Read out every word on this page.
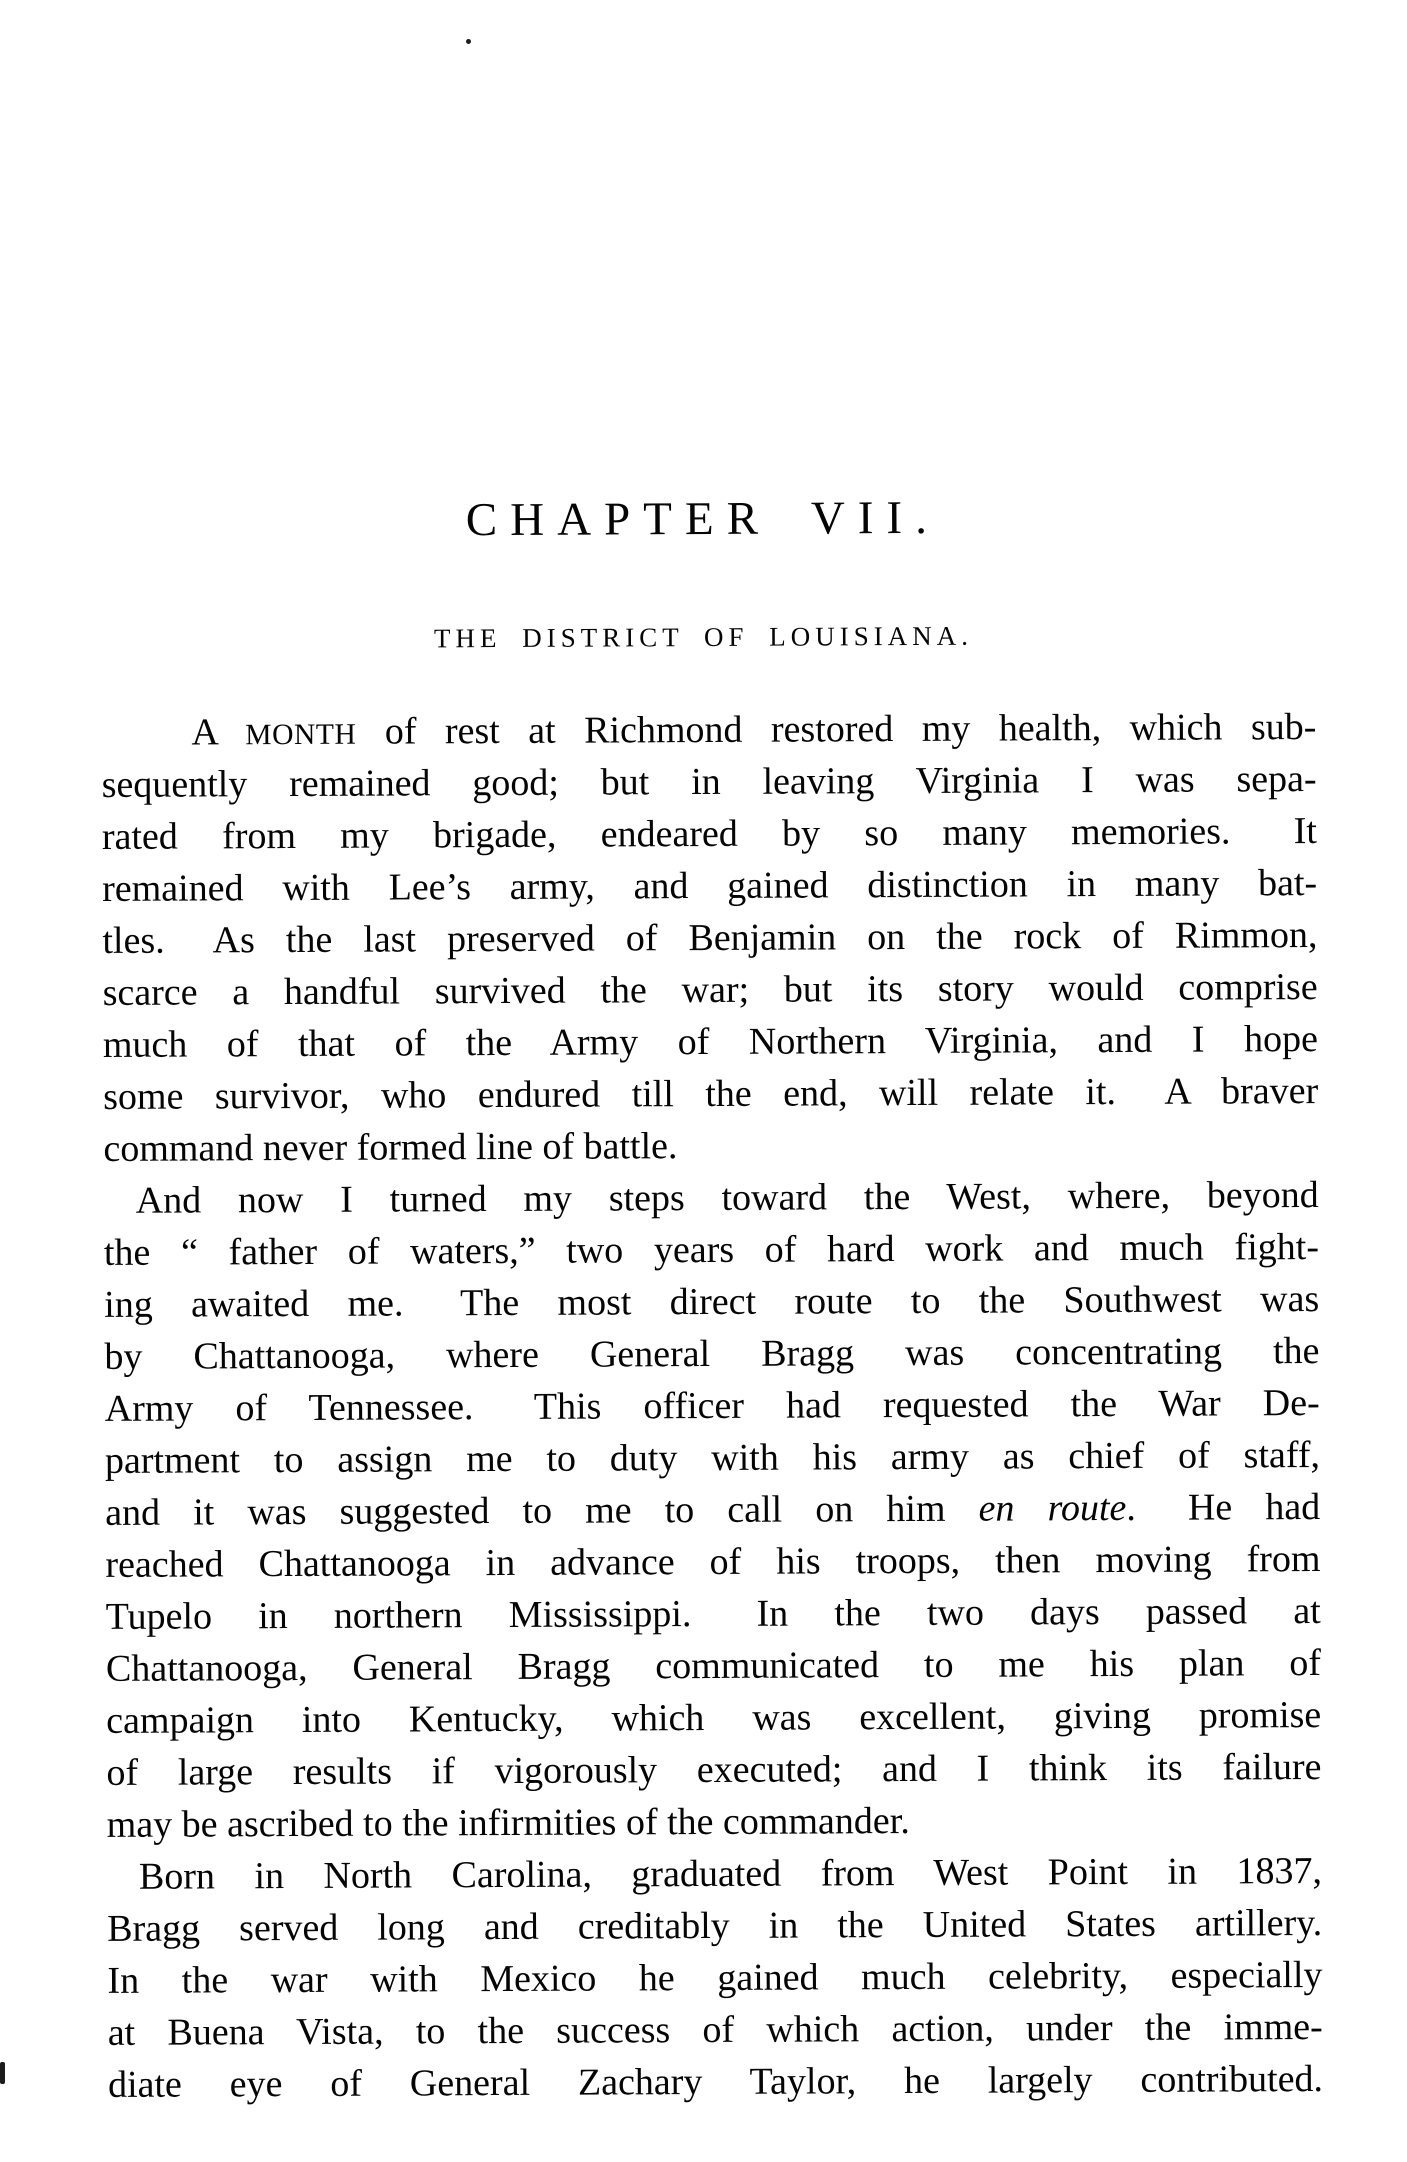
CHAPTER VII.
THE DISTRICT OF LOUISIANA.
A MONTH of rest at Richmond restored my health, which sub-
sequently remained good; but in leaving Virginia I was sepa-
rated from my brigade, endeared by so many memories.  It
remained with Lee’s army, and gained distinction in many bat-
tles.  As the last preserved of Benjamin on the rock of Rimmon,
scarce a handful survived the war; but its story would comprise
much of that of the Army of Northern Virginia, and I hope
some survivor, who endured till the end, will relate it.  A braver
command never formed line of battle.
And now I turned my steps toward the West, where, beyond
the “ father of waters,” two years of hard work and much fight-
ing awaited me.  The most direct route to the Southwest was
by Chattanooga, where General Bragg was concentrating the
Army of Tennessee.  This officer had requested the War De-
partment to assign me to duty with his army as chief of staff,
and it was suggested to me to call on him en route.  He had
reached Chattanooga in advance of his troops, then moving from
Tupelo in northern Mississippi.  In the two days passed at
Chattanooga, General Bragg communicated to me his plan of
campaign into Kentucky, which was excellent, giving promise
of large results if vigorously executed; and I think its failure
may be ascribed to the infirmities of the commander.
Born in North Carolina, graduated from West Point in 1837,
Bragg served long and creditably in the United States artillery.
In the war with Mexico he gained much celebrity, especially
at Buena Vista, to the success of which action, under the imme-
diate eye of General Zachary Taylor, he largely contributed.
